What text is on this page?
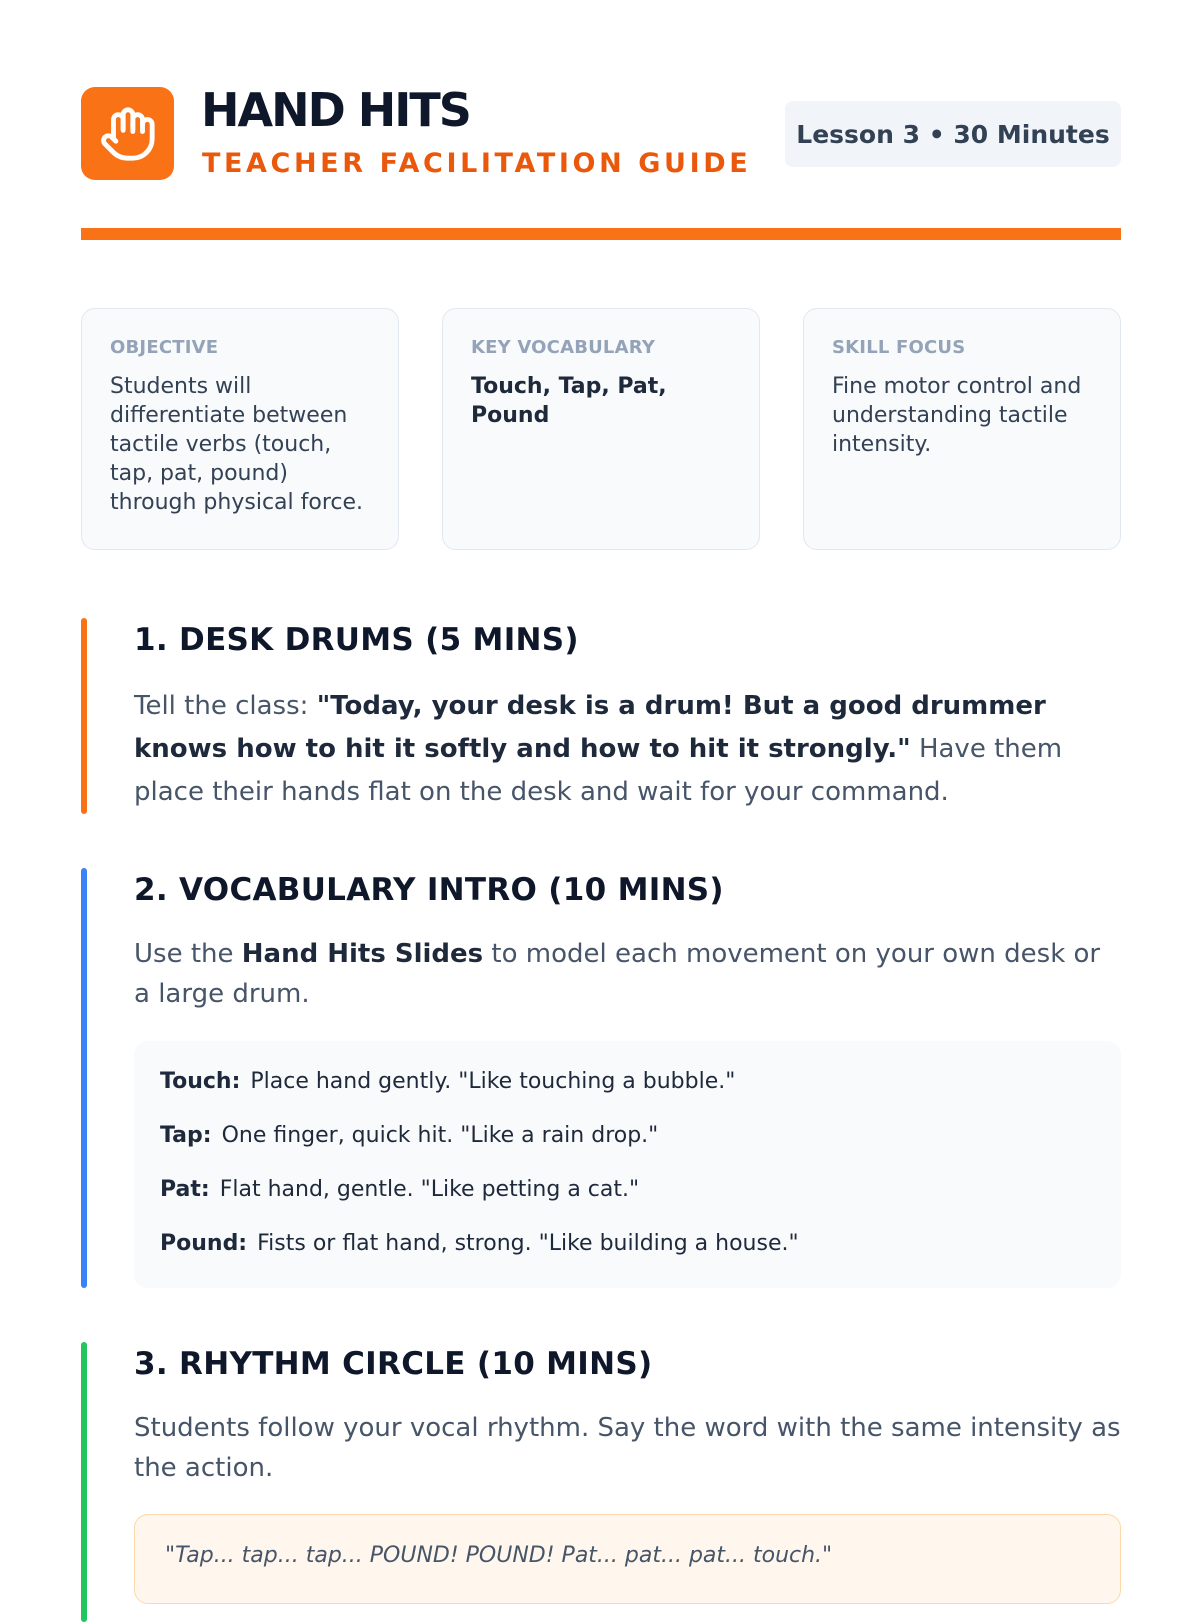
HAND HITS
TEACHER FACILITATION GUIDE
Lesson 3 • 30 Minutes
OBJECTIVE
Students will differentiate between tactile verbs (touch, tap, pat, pound) through physical force.
KEY VOCABULARY
Touch, Tap, Pat, Pound
SKILL FOCUS
Fine motor control and understanding tactile intensity.
1. DESK DRUMS (5 MINS)

Tell the class: "Today, your desk is a drum! But a good drummer knows how to hit it softly and how to hit it strongly." Have them place their hands flat on the desk and wait for your command.

2. VOCABULARY INTRO (10 MINS)

Use the Hand Hits Slides to model each movement on your own desk or a large drum.

Touch: Place hand gently. "Like touching a bubble."
Tap: One finger, quick hit. "Like a rain drop."
Pat: Flat hand, gentle. "Like petting a cat."
Pound: Fists or flat hand, strong. "Like building a house."
3. RHYTHM CIRCLE (10 MINS)

Students follow your vocal rhythm. Say the word with the same intensity as the action.

"Tap... tap... tap... POUND! POUND! Pat... pat... pat... touch."
